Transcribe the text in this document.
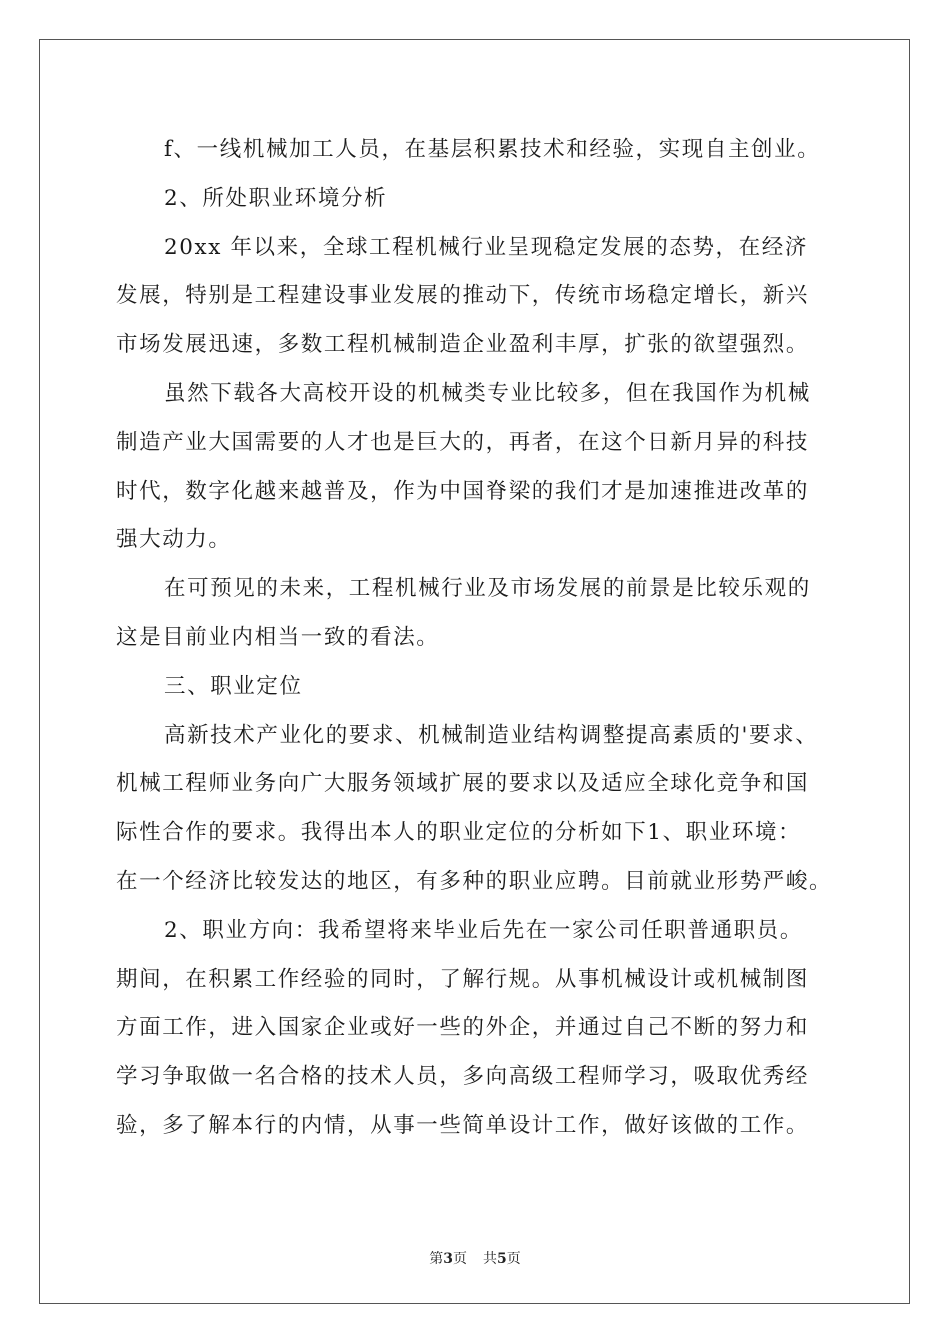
f、一线机械加工人员，在基层积累技术和经验，实现自主创业。

2、所处职业环境分析

20xx 年以来，全球工程机械行业呈现稳定发展的态势，在经济
发展，特别是工程建设事业发展的推动下，传统市场稳定增长，新兴
市场发展迅速，多数工程机械制造企业盈利丰厚，扩张的欲望强烈。

虽然下载各大高校开设的机械类专业比较多，但在我国作为机械
制造产业大国需要的人才也是巨大的，再者，在这个日新月异的科技
时代，数字化越来越普及，作为中国脊梁的我们才是加速推进改革的
强大动力。

在可预见的未来，工程机械行业及市场发展的前景是比较乐观的
这是目前业内相当一致的看法。

三、职业定位

高新技术产业化的要求、机械制造业结构调整提高素质的'要求、
机械工程师业务向广大服务领域扩展的要求以及适应全球化竞争和国
际性合作的要求。我得出本人的职业定位的分析如下1、职业环境：
在一个经济比较发达的地区，有多种的职业应聘。目前就业形势严峻。

2、职业方向：我希望将来毕业后先在一家公司任职普通职员。
期间，在积累工作经验的同时，了解行规。从事机械设计或机械制图
方面工作，进入国家企业或好一些的外企，并通过自己不断的努力和
学习争取做一名合格的技术人员，多向高级工程师学习，吸取优秀经
验，多了解本行的内情，从事一些简单设计工作，做好该做的工作。

第3页 共5页
